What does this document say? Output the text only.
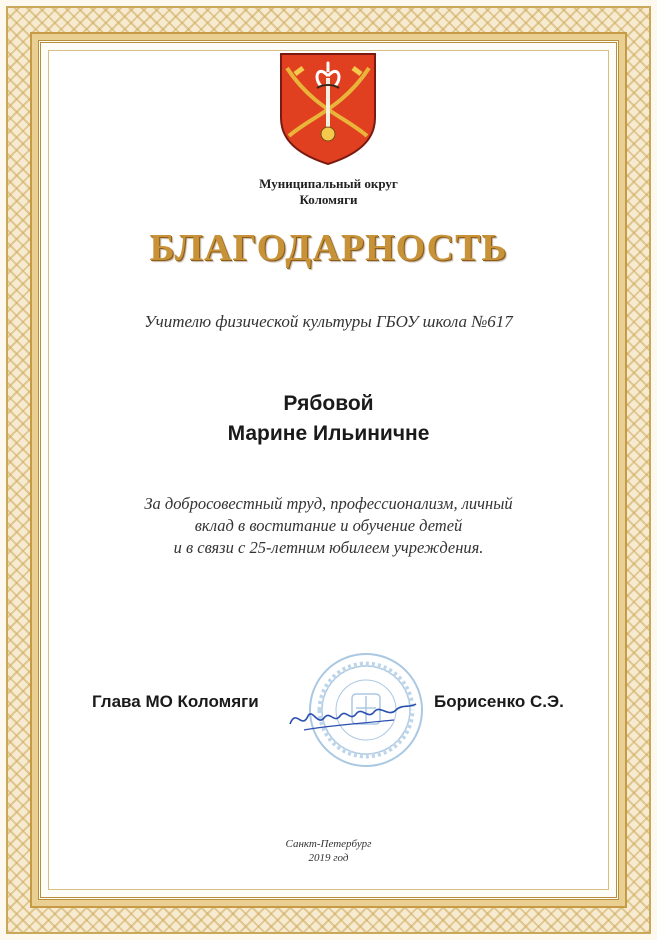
Муниципальный округ
Коломяги
БЛАГОДАРНОСТЬ
Учителю физической культуры ГБОУ школа №617
Рябовой
Марине Ильиничне
За добросовестный труд, профессионализм, личный
вклад в воститание и обучение детей
и в связи с 25-летним юбилеем учреждения.
Глава МО Коломяги	Борисенко С.Э.
Санкт-Петербург
2019 год
